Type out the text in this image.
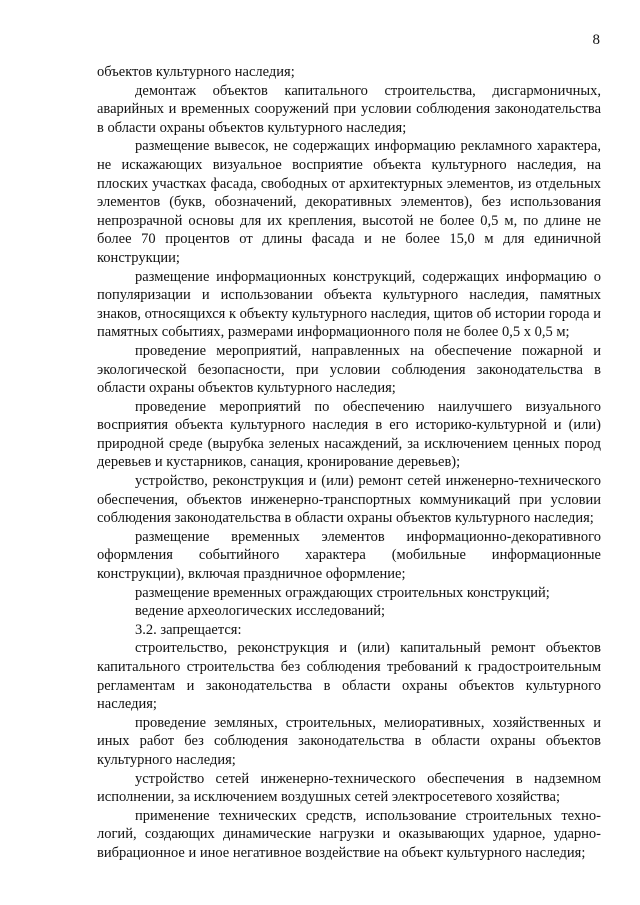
8

объектов культурного наследия;

демонтаж объектов капитального строительства, дисгармоничных, аварийных и временных сооружений при условии соблюдения законодательства в области охраны объектов культурного наследия;

размещение вывесок, не содержащих информацию рекламного характера, не искажающих визуальное восприятие объекта культурного наследия, на плоских участках фасада, свободных от архитектурных элементов, из отдельных элементов (букв, обозначений, декоративных элементов), без использования непрозрачной основы для их крепления, высотой не более 0,5 м, по длине не более 70 процентов от длины фасада и не более 15,0 м для единичной конструкции;

размещение информационных конструкций, содержащих информацию о популяризации и использовании объекта культурного наследия, памятных знаков, относящихся к объекту культурного наследия, щитов об истории города и памятных событиях, размерами информационного поля не более 0,5 х 0,5 м;

проведение мероприятий, направленных на обеспечение пожарной и экологической безопасности, при условии соблюдения законодательства в области охраны объектов культурного наследия;

проведение мероприятий по обеспечению наилучшего визуального восприятия объекта культурного наследия в его историко-культурной и (или) природной среде (вырубка зеленых насаждений, за исключением ценных пород деревьев и кустарников, санация, кронирование деревьев);

устройство, реконструкция и (или) ремонт сетей инженерно-технического обеспечения, объектов инженерно-транспортных коммуникаций при условии соблюдения законодательства в области охраны объектов культурного наследия;

размещение временных элементов информационно-декоративного оформления событийного характера (мобильные информационные конструкции), включая праздничное оформление;

размещение временных ограждающих строительных конструкций;

ведение археологических исследований;

3.2. запрещается:

строительство, реконструкция и (или) капитальный ремонт объектов капитального строительства без соблюдения требований к градостроительным регламентам и законодательства в области охраны объектов культурного наследия;

проведение земляных, строительных, мелиоративных, хозяйственных и иных работ без соблюдения законодательства в области охраны объектов культурного наследия;

устройство сетей инженерно-технического обеспечения в надземном исполнении, за исключением воздушных сетей электросетевого хозяйства;

применение технических средств, использование строительных техно-логий, создающих динамические нагрузки и оказывающих ударное, ударно-вибрационное и иное негативное воздействие на объект культурного наследия;
